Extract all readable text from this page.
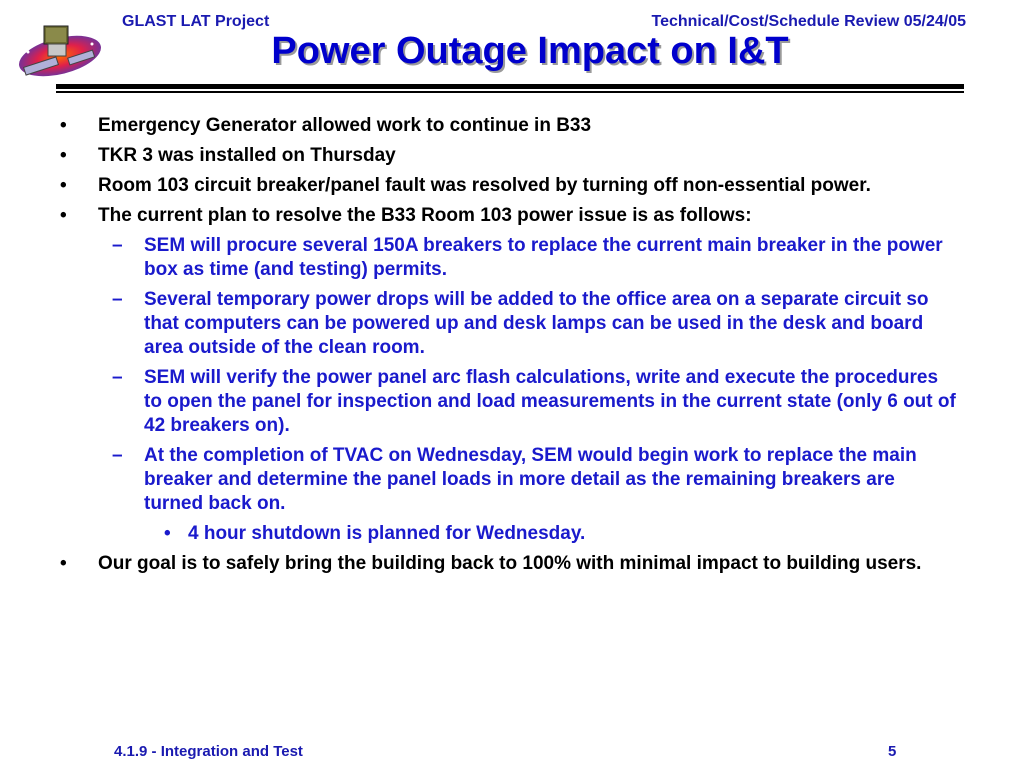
GLAST LAT Project	Technical/Cost/Schedule Review 05/24/05
Power Outage Impact on I&T
• Emergency Generator allowed work to continue in B33
• TKR 3 was installed on Thursday
• Room 103 circuit breaker/panel fault was resolved by turning off non-essential power.
• The current plan to resolve the B33 Room 103 power issue is as follows:
– SEM will procure several 150A breakers to replace the current main breaker in the power box as time (and testing) permits.
– Several temporary power drops will be added to the office area on a separate circuit so that computers can be powered up and desk lamps can be used in the desk and board area outside of the clean room.
– SEM will verify the power panel arc flash calculations, write and execute the procedures to open the panel for inspection and load measurements in the current state (only 6 out of 42 breakers on).
– At the completion of TVAC on Wednesday, SEM would begin work to replace the main breaker and determine the panel loads in more detail as the remaining breakers are turned back on.
• 4 hour shutdown is planned for Wednesday.
• Our goal is to safely bring the building back to 100% with minimal impact to building users.
4.1.9 - Integration and Test	5
